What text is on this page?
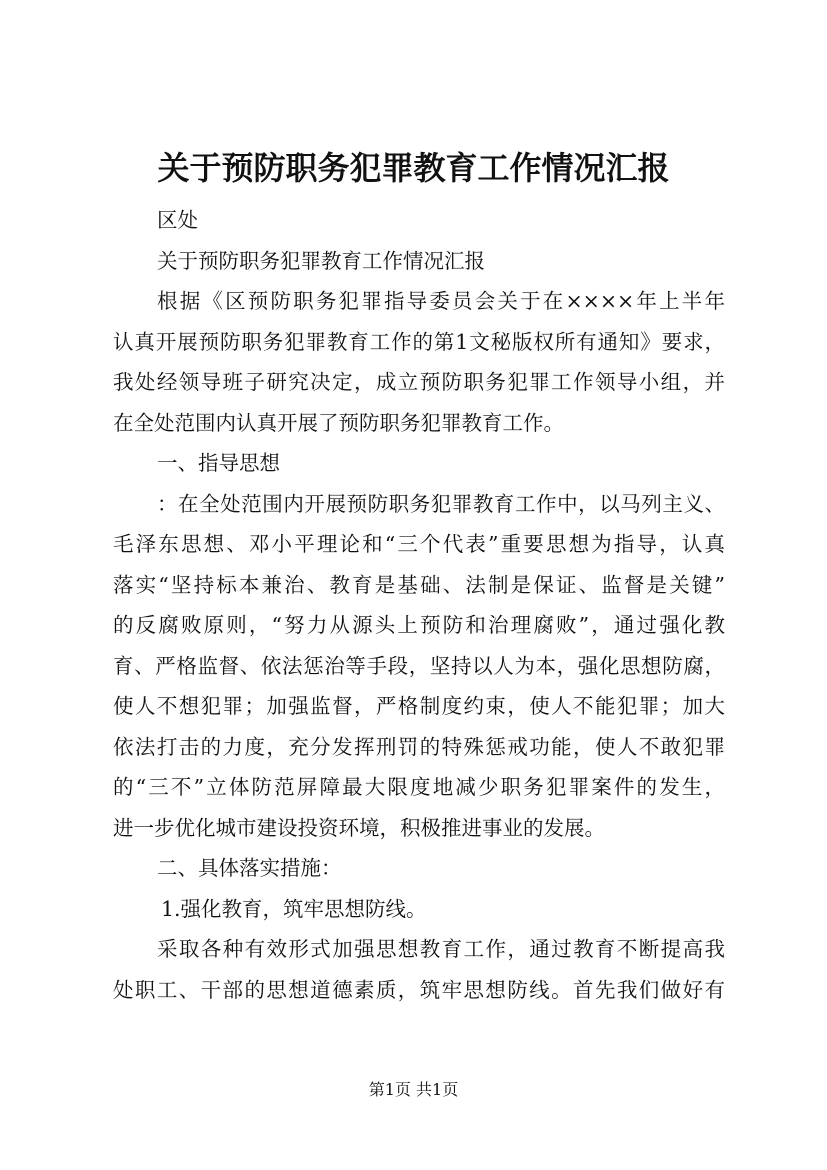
关于预防职务犯罪教育工作情况汇报
区处
关于预防职务犯罪教育工作情况汇报
根据《区预防职务犯罪指导委员会关于在××××年上半年
认真开展预防职务犯罪教育工作的第1文秘版权所有通知》要求，
我处经领导班子研究决定，成立预防职务犯罪工作领导小组，并
在全处范围内认真开展了预防职务犯罪教育工作。
一、指导思想
：在全处范围内开展预防职务犯罪教育工作中，以马列主义、
毛泽东思想、邓小平理论和“三个代表”重要思想为指导，认真
落实“坚持标本兼治、教育是基础、法制是保证、监督是关键”
的反腐败原则，“努力从源头上预防和治理腐败”，通过强化教
育、严格监督、依法惩治等手段，坚持以人为本，强化思想防腐，
使人不想犯罪；加强监督，严格制度约束，使人不能犯罪；加大
依法打击的力度，充分发挥刑罚的特殊惩戒功能，使人不敢犯罪
的“三不”立体防范屏障最大限度地减少职务犯罪案件的发生，
进一步优化城市建设投资环境，积极推进事业的发展。
二、具体落实措施：
1.强化教育，筑牢思想防线。
采取各种有效形式加强思想教育工作，通过教育不断提高我
处职工、干部的思想道德素质，筑牢思想防线。首先我们做好有
第1页 共1页
